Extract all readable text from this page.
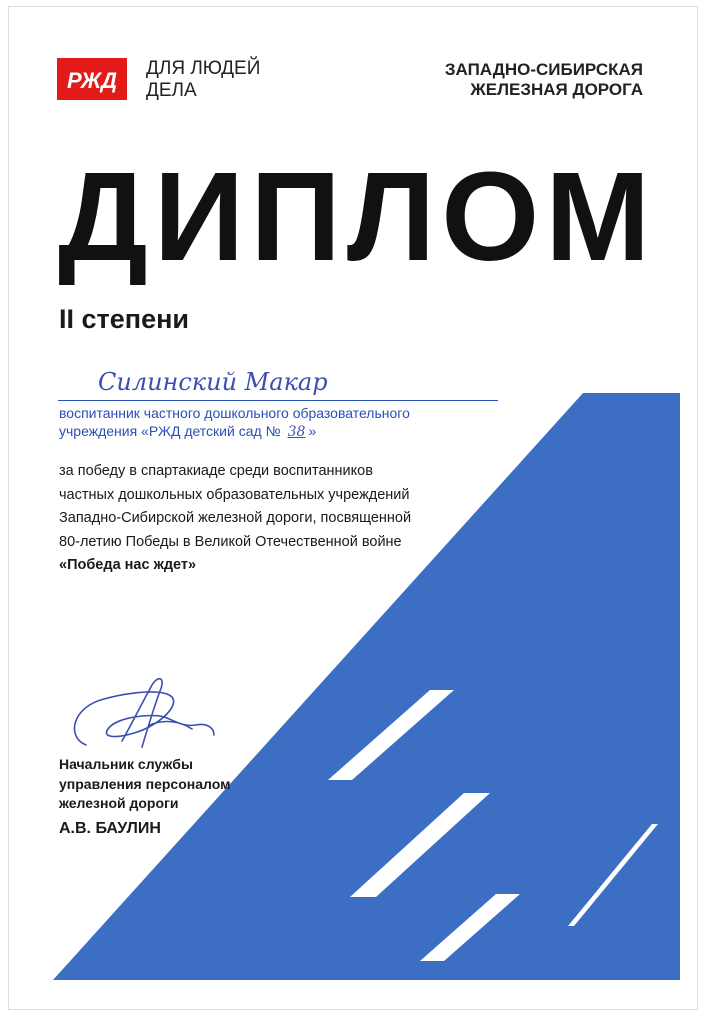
РЖД ДЛЯ ЛЮДЕЙ
ДЕЛА
ЗАПАДНО-СИБИРСКАЯ
ЖЕЛЕЗНАЯ ДОРОГА
ДИПЛОМ
II степени
Силинский Макар
воспитанник частного дошкольного образовательного
учреждения «РЖД детский сад № 38 »
за победу в спартакиаде среди воспитанников
частных дошкольных образовательных учреждений
Западно-Сибирской железной дороги, посвященной
80-летию Победы в Великой Отечественной войне
«Победа нас ждет»
Начальник службы
управления персоналом
железной дороги
А.В. БАУЛИН
